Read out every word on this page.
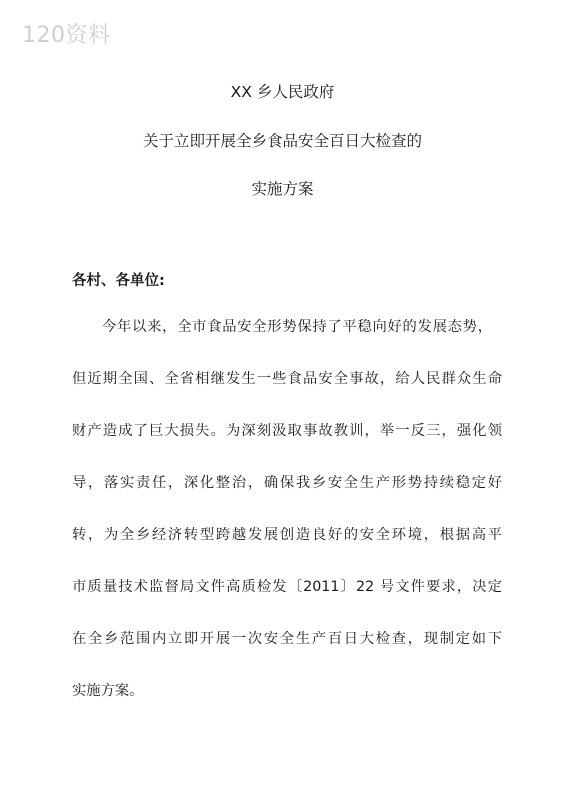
120资料
XX 乡人民政府
关于立即开展全乡食品安全百日大检查的
实施方案
各村、各单位:
今年以来，全市食品安全形势保持了平稳向好的发展态势，
但近期全国、全省相继发生一些食品安全事故，给人民群众生命
财产造成了巨大损失。为深刻汲取事故教训，举一反三，强化领
导，落实责任，深化整治，确保我乡安全生产形势持续稳定好
转，为全乡经济转型跨越发展创造良好的安全环境，根据高平
市质量技术监督局文件高质检发〔2011〕22 号文件要求，决定
在全乡范围内立即开展一次安全生产百日大检查，现制定如下
实施方案。
